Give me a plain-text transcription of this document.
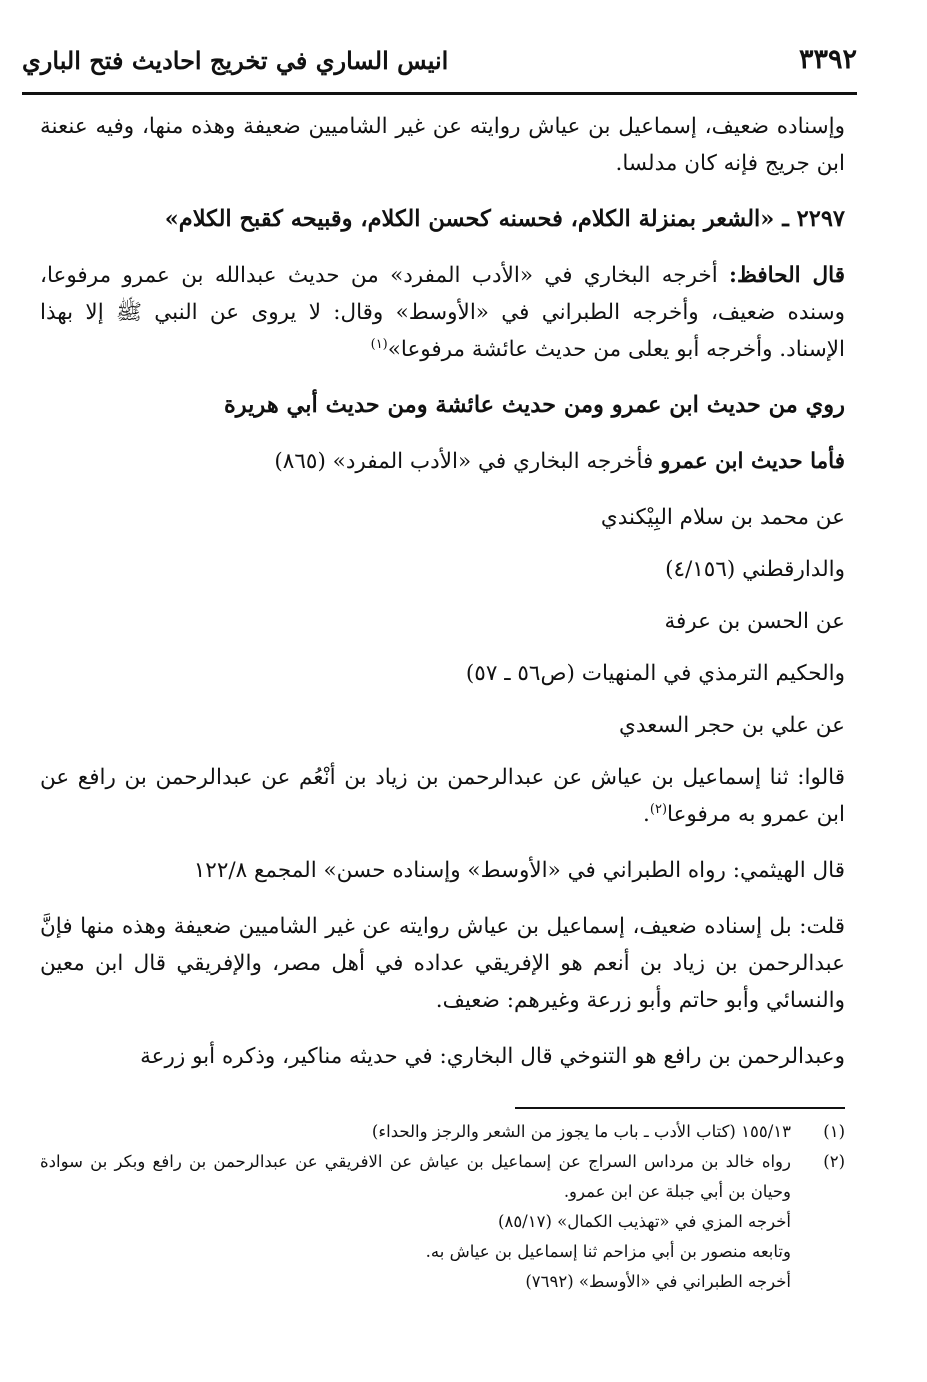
٣٣٩٢
انيس الساري في تخريج احاديث فتح الباري

وإسناده ضعيف، إسماعيل بن عياش روايته عن غير الشاميين ضعيفة وهذه منها، وفيه عنعنة ابن جريج فإنه كان مدلسا.

٢٢٩٧ ـ «الشعر بمنزلة الكلام، فحسنه كحسن الكلام، وقبيحه كقبح الكلام»

قال الحافظ: أخرجه البخاري في «الأدب المفرد» من حديث عبدالله بن عمرو مرفوعا، وسنده ضعيف، وأخرجه الطبراني في «الأوسط» وقال: لا يروى عن النبي ﷺ إلا بهذا الإسناد. وأخرجه أبو يعلى من حديث عائشة مرفوعا»$^{(١)}$

روي من حديث ابن عمرو ومن حديث عائشة ومن حديث أبي هريرة

فأما حديث ابن عمرو فأخرجه البخاري في «الأدب المفرد» (٨٦٥)

عن محمد بن سلام البِيْكندي

والدارقطني (٤/١٥٦)

عن الحسن بن عرفة

والحكيم الترمذي في المنهيات (ص٥٦ ـ ٥٧)

عن علي بن حجر السعدي

قالوا: ثنا إسماعيل بن عياش عن عبدالرحمن بن زياد بن أنْعُم عن عبدالرحمن بن رافع عن ابن عمرو به مرفوعا$^{(٢)}$.

قال الهيثمي: رواه الطبراني في «الأوسط» وإسناده حسن» المجمع ١٢٢/٨

قلت: بل إسناده ضعيف، إسماعيل بن عياش روايته عن غير الشاميين ضعيفة وهذه منها فإنَّ عبدالرحمن بن زياد بن أنعم هو الإفريقي عداده في أهل مصر، والإفريقي قال ابن معين والنسائي وأبو حاتم وأبو زرعة وغيرهم: ضعيف.

وعبدالرحمن بن رافع هو التنوخي قال البخاري: في حديثه مناكير، وذكره أبو زرعة

(١)
١٥٥/١٣ (كتاب الأدب ـ باب ما يجوز من الشعر والرجز والحداء)
(٢)
رواه خالد بن مرداس السراج عن إسماعيل بن عياش عن الافريقي عن عبدالرحمن بن رافع وبكر بن سوادة وحيان بن أبي جبلة عن ابن عمرو.
أخرجه المزي في «تهذيب الكمال» (٨٥/١٧)
وتابعه منصور بن أبي مزاحم ثنا إسماعيل بن عياش به.
أخرجه الطبراني في «الأوسط» (٧٦٩٢)
